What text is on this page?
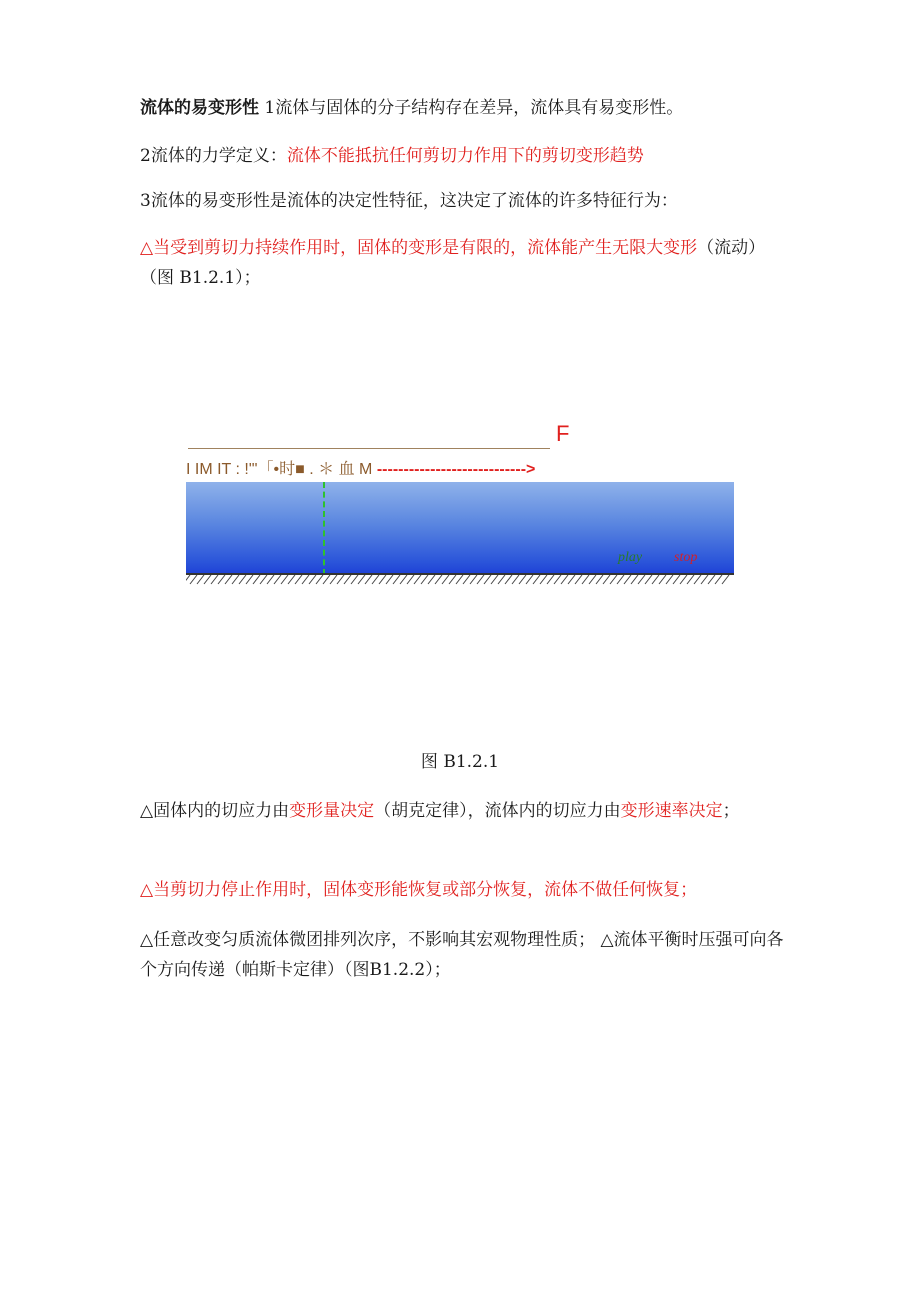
流体的易变形性 1流体与固体的分子结构存在差异，流体具有易变形性。

2流体的力学定义：流体不能抵抗任何剪切力作用下的剪切变形趋势

3流体的易变形性是流体的决定性特征，这决定了流体的许多特征行为：

△当受到剪切力持续作用时，固体的变形是有限的，流体能产生无限大变形（流动）（图 B1.2.1）；

F
I IM IT : !"'「•时■ . ＊ 血 M ---------------------------->
play stop
图 B1.2.1

△固体内的切应力由变形量决定（胡克定律），流体内的切应力由变形速率决定；

△当剪切力停止作用时，固体变形能恢复或部分恢复，流体不做任何恢复；

△任意改变匀质流体微团排列次序，不影响其宏观物理性质； △流体平衡时压强可向各个方向传递（帕斯卡定律）（图B1.2.2）；
